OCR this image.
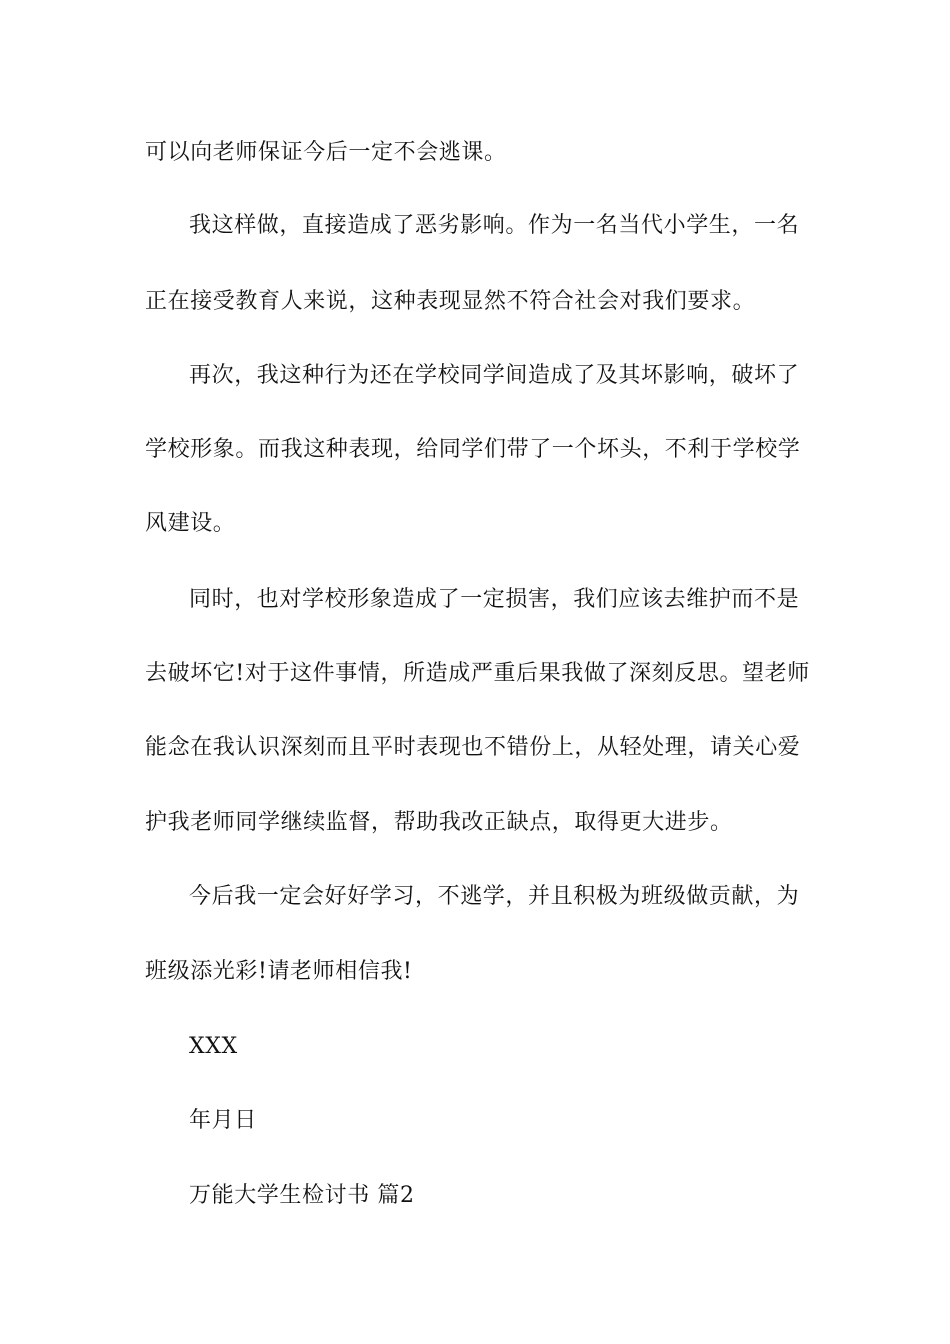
可以向老师保证今后一定不会逃课。
我这样做，直接造成了恶劣影响。作为一名当代小学生，一名
正在接受教育人来说，这种表现显然不符合社会对我们要求。
再次，我这种行为还在学校同学间造成了及其坏影响，破坏了
学校形象。而我这种表现，给同学们带了一个坏头，不利于学校学
风建设。
同时，也对学校形象造成了一定损害，我们应该去维护而不是
去破坏它!对于这件事情，所造成严重后果我做了深刻反思。望老师
能念在我认识深刻而且平时表现也不错份上，从轻处理，请关心爱
护我老师同学继续监督，帮助我改正缺点，取得更大进步。
今后我一定会好好学习，不逃学，并且积极为班级做贡献，为
班级添光彩!请老师相信我!
XXX
年月日
万能大学生检讨书 篇2
